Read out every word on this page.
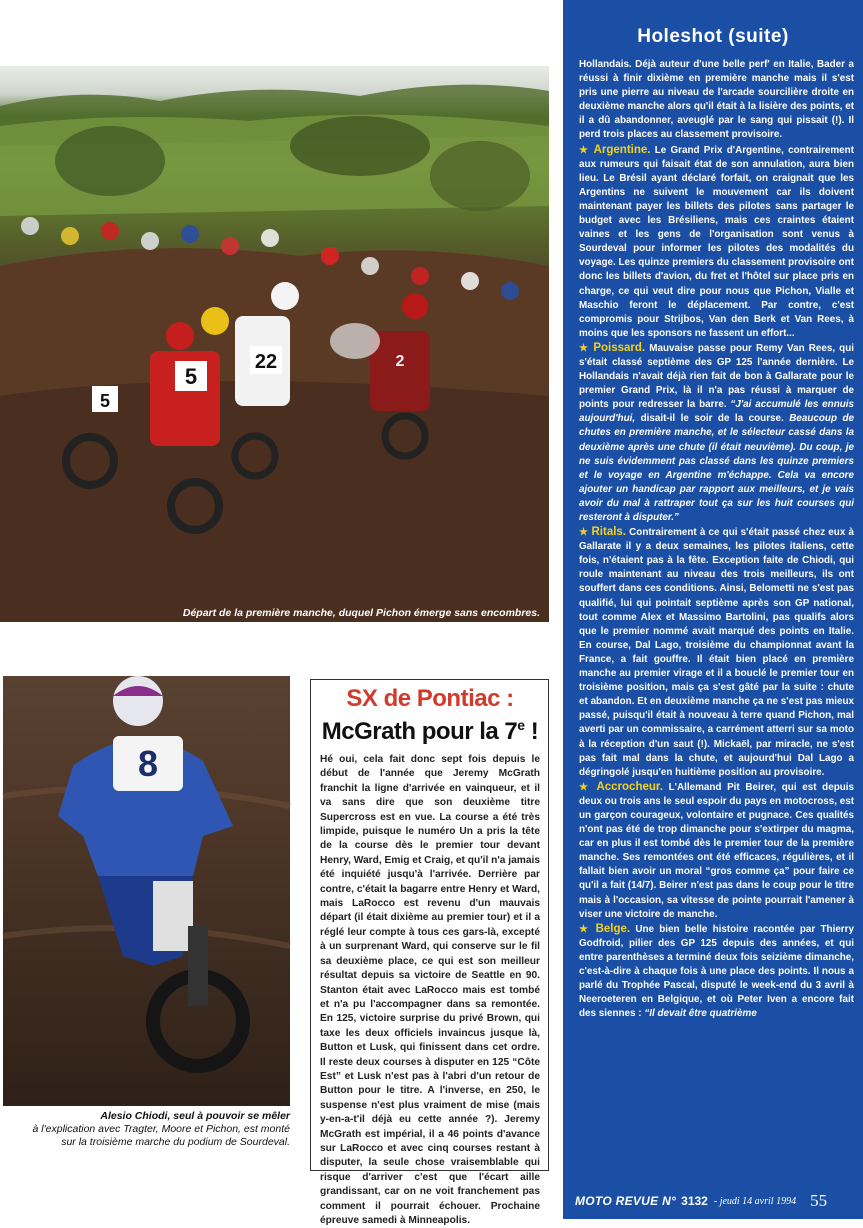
5
22
5
2

Départ de la première manche, duquel Pichon émerge sans encombres.
On reconnaît de gauche à droite Kervella (71), Sweebe (62), Wilman (21), Chiodi (8, repeint par la Pich'), Dal Lago (22), Moore (76) et Vialle juste derrière Moore). Tragter est à la gauche de Moore et finira deuxième. (Photo Pascal Haudiquert).

8

Alesio Chiodi, seul à pouvoir se mêler
à l'explication avec Tragter, Moore et Pichon, est monté sur la troisième marche du podium de Sourdeval.

SX de Pontiac :
McGrath pour la 7e !

Hé oui, cela fait donc sept fois depuis le début de l'année que Jeremy McGrath franchit la ligne d'arrivée en vainqueur, et il va sans dire que son deuxième titre Supercross est en vue. La course a été très limpide, puisque le numéro Un a pris la tête de la course dès le premier tour devant Henry, Ward, Emig et Craig, et qu'il n'a jamais été inquiété jusqu'à l'arrivée. Derrière par contre, c'était la bagarre entre Henry et Ward, mais LaRocco est revenu d'un mauvais départ (il était dixième au premier tour) et il a réglé leur compte à tous ces gars-là, excepté à un surprenant Ward, qui conserve sur le fil sa deuxième place, ce qui est son meilleur résultat depuis sa victoire de Seattle en 90. Stanton était avec LaRocco mais est tombé et n'a pu l'accompagner dans sa remontée. En 125, victoire surprise du privé Brown, qui taxe les deux officiels invaincus jusque là, Button et Lusk, qui finissent dans cet ordre. Il reste deux courses à disputer en 125 “Côte Est” et Lusk n'est pas à l'abri d'un retour de Button pour le titre. A l'inverse, en 250, le suspense n'est plus vraiment de mise (mais y-en-a-t'il déjà eu cette année ?). Jeremy McGrath est impérial, il a 46 points d'avance sur LaRocco et avec cinq courses restant à disputer, la seule chose vraisemblable qui risque d'arriver c'est que l'écart aille grandissant, car on ne voit franchement pas comment il pourrait échouer. Prochaine épreuve samedi à Minneapolis.

Holeshot (suite)

Hollandais. Déjà auteur d'une belle perf' en Italie, Bader a réussi à finir dixième en première manche mais il s'est pris une pierre au niveau de l'arcade sourcilière droite en deuxième manche alors qu'il était à la lisière des points, et il a dû abandonner, aveuglé par le sang qui pissait (!). Il perd trois places au classement provisoire.

★ Argentine. Le Grand Prix d'Argentine, contrairement aux rumeurs qui faisait état de son annulation, aura bien lieu. Le Brésil ayant déclaré forfait, on craignait que les Argentins ne suivent le mouvement car ils doivent maintenant payer les billets des pilotes sans partager le budget avec les Brésiliens, mais ces craintes étaient vaines et les gens de l'organisation sont venus à Sourdeval pour informer les pilotes des modalités du voyage. Les quinze premiers du classement provisoire ont donc les billets d'avion, du fret et l'hôtel sur place pris en charge, ce qui veut dire pour nous que Pichon, Vialle et Maschio feront le déplacement. Par contre, c'est compromis pour Strijbos, Van den Berk et Van Rees, à moins que les sponsors ne fassent un effort...

★ Poissard. Mauvaise passe pour Remy Van Rees, qui s'était classé septième des GP 125 l'année dernière. Le Hollandais n'avait déjà rien fait de bon à Gallarate pour le premier Grand Prix, là il n'a pas réussi à marquer de points pour redresser la barre. “J'ai accumulé les ennuis aujourd'hui, disait-il le soir de la course. Beaucoup de chutes en première manche, et le sélecteur cassé dans la deuxième après une chute (il était neuvième). Du coup, je ne suis évidemment pas classé dans les quinze premiers et le voyage en Argentine m'échappe. Cela va encore ajouter un handicap par rapport aux meilleurs, et je vais avoir du mal à rattraper tout ça sur les huit courses qui resteront à disputer.”

★ Ritals. Contrairement à ce qui s'était passé chez eux à Gallarate il y a deux semaines, les pilotes italiens, cette fois, n'étaient pas à la fête. Exception faite de Chiodi, qui roule maintenant au niveau des trois meilleurs, ils ont souffert dans ces conditions. Ainsi, Belometti ne s'est pas qualifié, lui qui pointait septième après son GP national, tout comme Alex et Massimo Bartolini, pas qualifs alors que le premier nommé avait marqué des points en Italie. En course, Dal Lago, troisième du championnat avant la France, a fait gouffre. Il était bien placé en première manche au premier virage et il a bouclé le premier tour en troisième position, mais ça s'est gâté par la suite : chute et abandon. Et en deuxième manche ça ne s'est pas mieux passé, puisqu'il était à nouveau à terre quand Pichon, mal averti par un commissaire, a carrément atterri sur sa moto à la réception d'un saut (!). Mickaël, par miracle, ne s'est pas fait mal dans la chute, et aujourd'hui Dal Lago a dégringolé jusqu'en huitième position au provisoire.

★ Accrocheur. L'Allemand Pit Beirer, qui est depuis deux ou trois ans le seul espoir du pays en motocross, est un garçon courageux, volontaire et pugnace. Ces qualités n'ont pas été de trop dimanche pour s'extirper du magma, car en plus il est tombé dès le premier tour de la première manche. Ses remontées ont été efficaces, régulières, et il fallait bien avoir un moral “gros comme ça” pour faire ce qu'il a fait (14/7). Beirer n'est pas dans le coup pour le titre mais à l'occasion, sa vitesse de pointe pourrait l'amener à viser une victoire de manche.

★ Belge. Une bien belle histoire racontée par Thierry Godfroid, pilier des GP 125 depuis des années, et qui entre parenthèses a terminé deux fois seizième dimanche, c'est-à-dire à chaque fois à une place des points. Il nous a parlé du Trophée Pascal, disputé le week-end du 3 avril à Neeroeteren en Belgique, et où Peter Iven a encore fait des siennes : “Il devait être quatrième

MOTO REVUE N° 3132 - jeudi 14 avril 1994 55
